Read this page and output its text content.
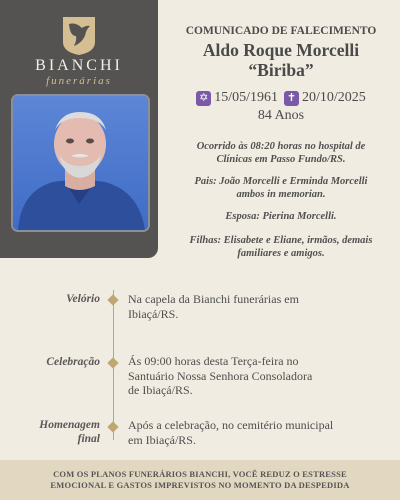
BIANCHI
funerárias
COMUNICADO DE FALECIMENTO
Aldo Roque Morcelli
“Biriba”
✡ 15/05/1961 ✝ 20/10/2025
84 Anos
Ocorrido às 08:20 horas no hospital de
Clínicas em Passo Fundo/RS.
Pais: João Morcelli e Erminda Morcelli
ambos in memorian.
Esposa: Pierina Morcelli.
Filhas: Elisabete e Eliane, irmãos, demais
familiares e amigos.
Velório Na capela da Bianchi funerárias em
Ibiaçá/RS.
Celebração Ás 09:00 horas desta Terça-feira no
Santuário Nossa Senhora Consoladora
de Ibiaçá/RS.
Homenagem
final
Após a celebração, no cemitério municipal
em Ibiaçá/RS.
COM OS PLANOS FUNERÁRIOS BIANCHI, VOCÊ REDUZ O ESTRESSE
EMOCIONAL E GASTOS IMPREVISTOS NO MOMENTO DA DESPEDIDA
